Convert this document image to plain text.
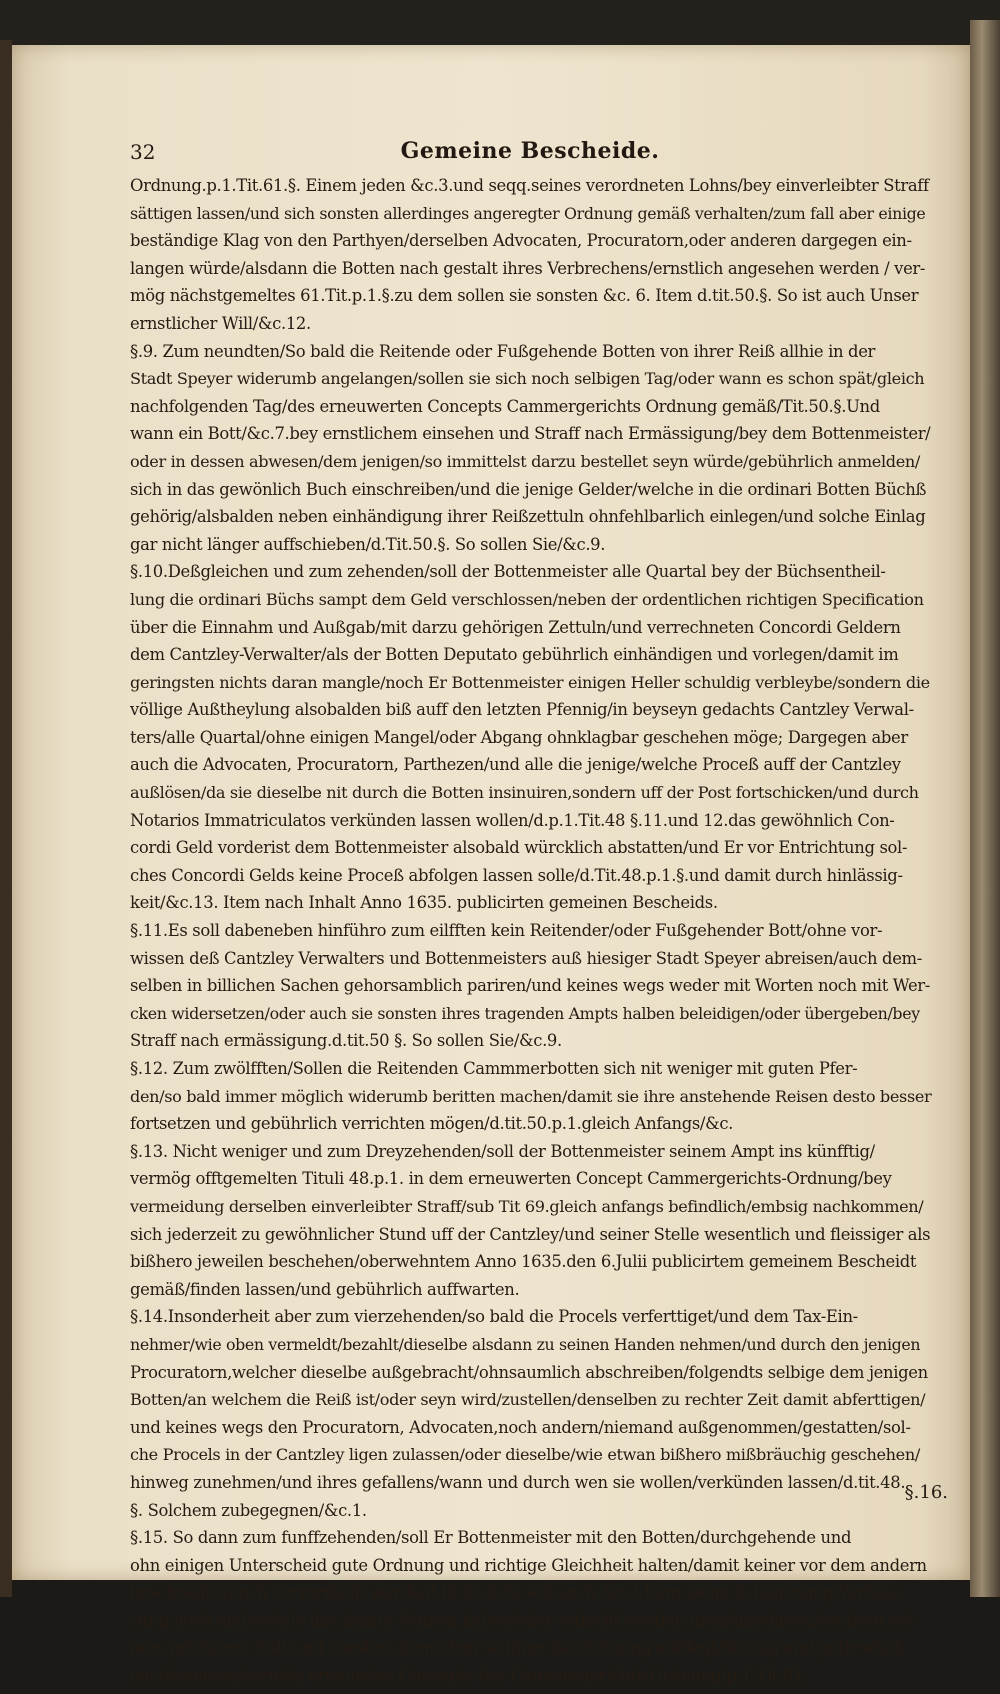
32	Gemeine Bescheide.
Ordnung.p.1.Tit.61.§. Einem jeden &c.3.und seqq.seines verordneten Lohns/bey einverleibter Straff
sättigen lassen/und sich sonsten allerdinges angeregter Ordnung gemäß verhalten/zum fall aber einige
beständige Klag von den Parthyen/derselben Advocaten, Procuratorn,oder anderen dargegen ein-
langen würde/alsdann die Botten nach gestalt ihres Verbrechens/ernstlich angesehen werden / ver-
mög nächstgemeltes 61.Tit.p.1.§.zu dem sollen sie sonsten &c. 6. Item d.tit.50.§. So ist auch Unser
ernstlicher Will/&c.12.
§.9. Zum neundten/So bald die Reitende oder Fußgehende Botten von ihrer Reiß allhie in der
Stadt Speyer widerumb angelangen/sollen sie sich noch selbigen Tag/oder wann es schon spät/gleich
nachfolgenden Tag/des erneuwerten Concepts Cammergerichts Ordnung gemäß/Tit.50.§.Und
wann ein Bott/&c.7.bey ernstlichem einsehen und Straff nach Ermässigung/bey dem Bottenmeister/
oder in dessen abwesen/dem jenigen/so immittelst darzu bestellet seyn würde/gebührlich anmelden/
sich in das gewönlich Buch einschreiben/und die jenige Gelder/welche in die ordinari Botten Büchß
gehörig/alsbalden neben einhändigung ihrer Reißzettuln ohnfehlbarlich einlegen/und solche Einlag
gar nicht länger auffschieben/d.Tit.50.§. So sollen Sie/&c.9.
§.10.Deßgleichen und zum zehenden/soll der Bottenmeister alle Quartal bey der Büchsentheil-
lung die ordinari Büchs sampt dem Geld verschlossen/neben der ordentlichen richtigen Specification
über die Einnahm und Außgab/mit darzu gehörigen Zettuln/und verrechneten Concordi Geldern
dem Cantzley-Verwalter/als der Botten Deputato gebührlich einhändigen und vorlegen/damit im
geringsten nichts daran mangle/noch Er Bottenmeister einigen Heller schuldig verbleybe/sondern die
völlige Außtheylung alsobalden biß auff den letzten Pfennig/in beyseyn gedachts Cantzley Verwal-
ters/alle Quartal/ohne einigen Mangel/oder Abgang ohnklagbar geschehen möge; Dargegen aber
auch die Advocaten, Procuratorn, Parthezen/und alle die jenige/welche Proceß auff der Cantzley
außlösen/da sie dieselbe nit durch die Botten insinuiren,sondern uff der Post fortschicken/und durch
Notarios Immatriculatos verkünden lassen wollen/d.p.1.Tit.48 §.11.und 12.das gewöhnlich Con-
cordi Geld vorderist dem Bottenmeister alsobald würcklich abstatten/und Er vor Entrichtung sol-
ches Concordi Gelds keine Proceß abfolgen lassen solle/d.Tit.48.p.1.§.und damit durch hinlässig-
keit/&c.13. Item nach Inhalt Anno 1635. publicirten gemeinen Bescheids.
§.11.Es soll dabeneben hinführo zum eilfften kein Reitender/oder Fußgehender Bott/ohne vor-
wissen deß Cantzley Verwalters und Bottenmeisters auß hiesiger Stadt Speyer abreisen/auch dem-
selben in billichen Sachen gehorsamblich pariren/und keines wegs weder mit Worten noch mit Wer-
cken widersetzen/oder auch sie sonsten ihres tragenden Ampts halben beleidigen/oder übergeben/bey
Straff nach ermässigung.d.tit.50 §. So sollen Sie/&c.9.
§.12. Zum zwölfften/Sollen die Reitenden Cammmerbotten sich nit weniger mit guten Pfer-
den/so bald immer möglich widerumb beritten machen/damit sie ihre anstehende Reisen desto besser
fortsetzen und gebührlich verrichten mögen/d.tit.50.p.1.gleich Anfangs/&c.
§.13. Nicht weniger und zum Dreyzehenden/soll der Bottenmeister seinem Ampt ins künfftig/
vermög offtgemelten Tituli 48.p.1. in dem erneuwerten Concept Cammergerichts-Ordnung/bey
vermeidung derselben einverleibter Straff/sub Tit 69.gleich anfangs befindlich/embsig nachkommen/
sich jederzeit zu gewöhnlicher Stund uff der Cantzley/und seiner Stelle wesentlich und fleissiger als
bißhero jeweilen beschehen/oberwehntem Anno 1635.den 6.Julii publicirtem gemeinem Bescheidt
gemäß/finden lassen/und gebührlich auffwarten.
§.14.Insonderheit aber zum vierzehenden/so bald die Procels verferttiget/und dem Tax-Ein-
nehmer/wie oben vermeldt/bezahlt/dieselbe alsdann zu seinen Handen nehmen/und durch den jenigen
Procuratorn,welcher dieselbe außgebracht/ohnsaumlich abschreiben/folgendts selbige dem jenigen
Botten/an welchem die Reiß ist/oder seyn wird/zustellen/denselben zu rechter Zeit damit abferttigen/
und keines wegs den Procuratorn, Advocaten,noch andern/niemand außgenommen/gestatten/sol-
che Procels in der Cantzley ligen zulassen/oder dieselbe/wie etwan bißhero mißbräuchig geschehen/
hinweg zunehmen/und ihres gefallens/wann und durch wen sie wollen/verkünden lassen/d.tit.48.
§. Solchem zubegegnen/&c.1.
§.15. So dann zum funffzehenden/soll Er Bottenmeister mit den Botten/durchgehende und
ohn einigen Unterscheid gute Ordnung und richtige Gleichheit halten/damit keiner vor dem andern
beschwehrt/noch vervortheilt werde/d.tit 48.§.Es soll auch &c.2.Item keine Schäncnung/Verheis-
sung noch anders/wie das immer Namen haben/oder erdacht werden mag/annehmen/sondern sei-
nem geleistem Aydt/und sonsten allem dem so ihme die Ordnung aufflegt/fleissig und getrewlich
nachkommen/vermög erneuwten Concepts der Cammergerichts-Ordnung/p.1.Tit.81.
§.16.
